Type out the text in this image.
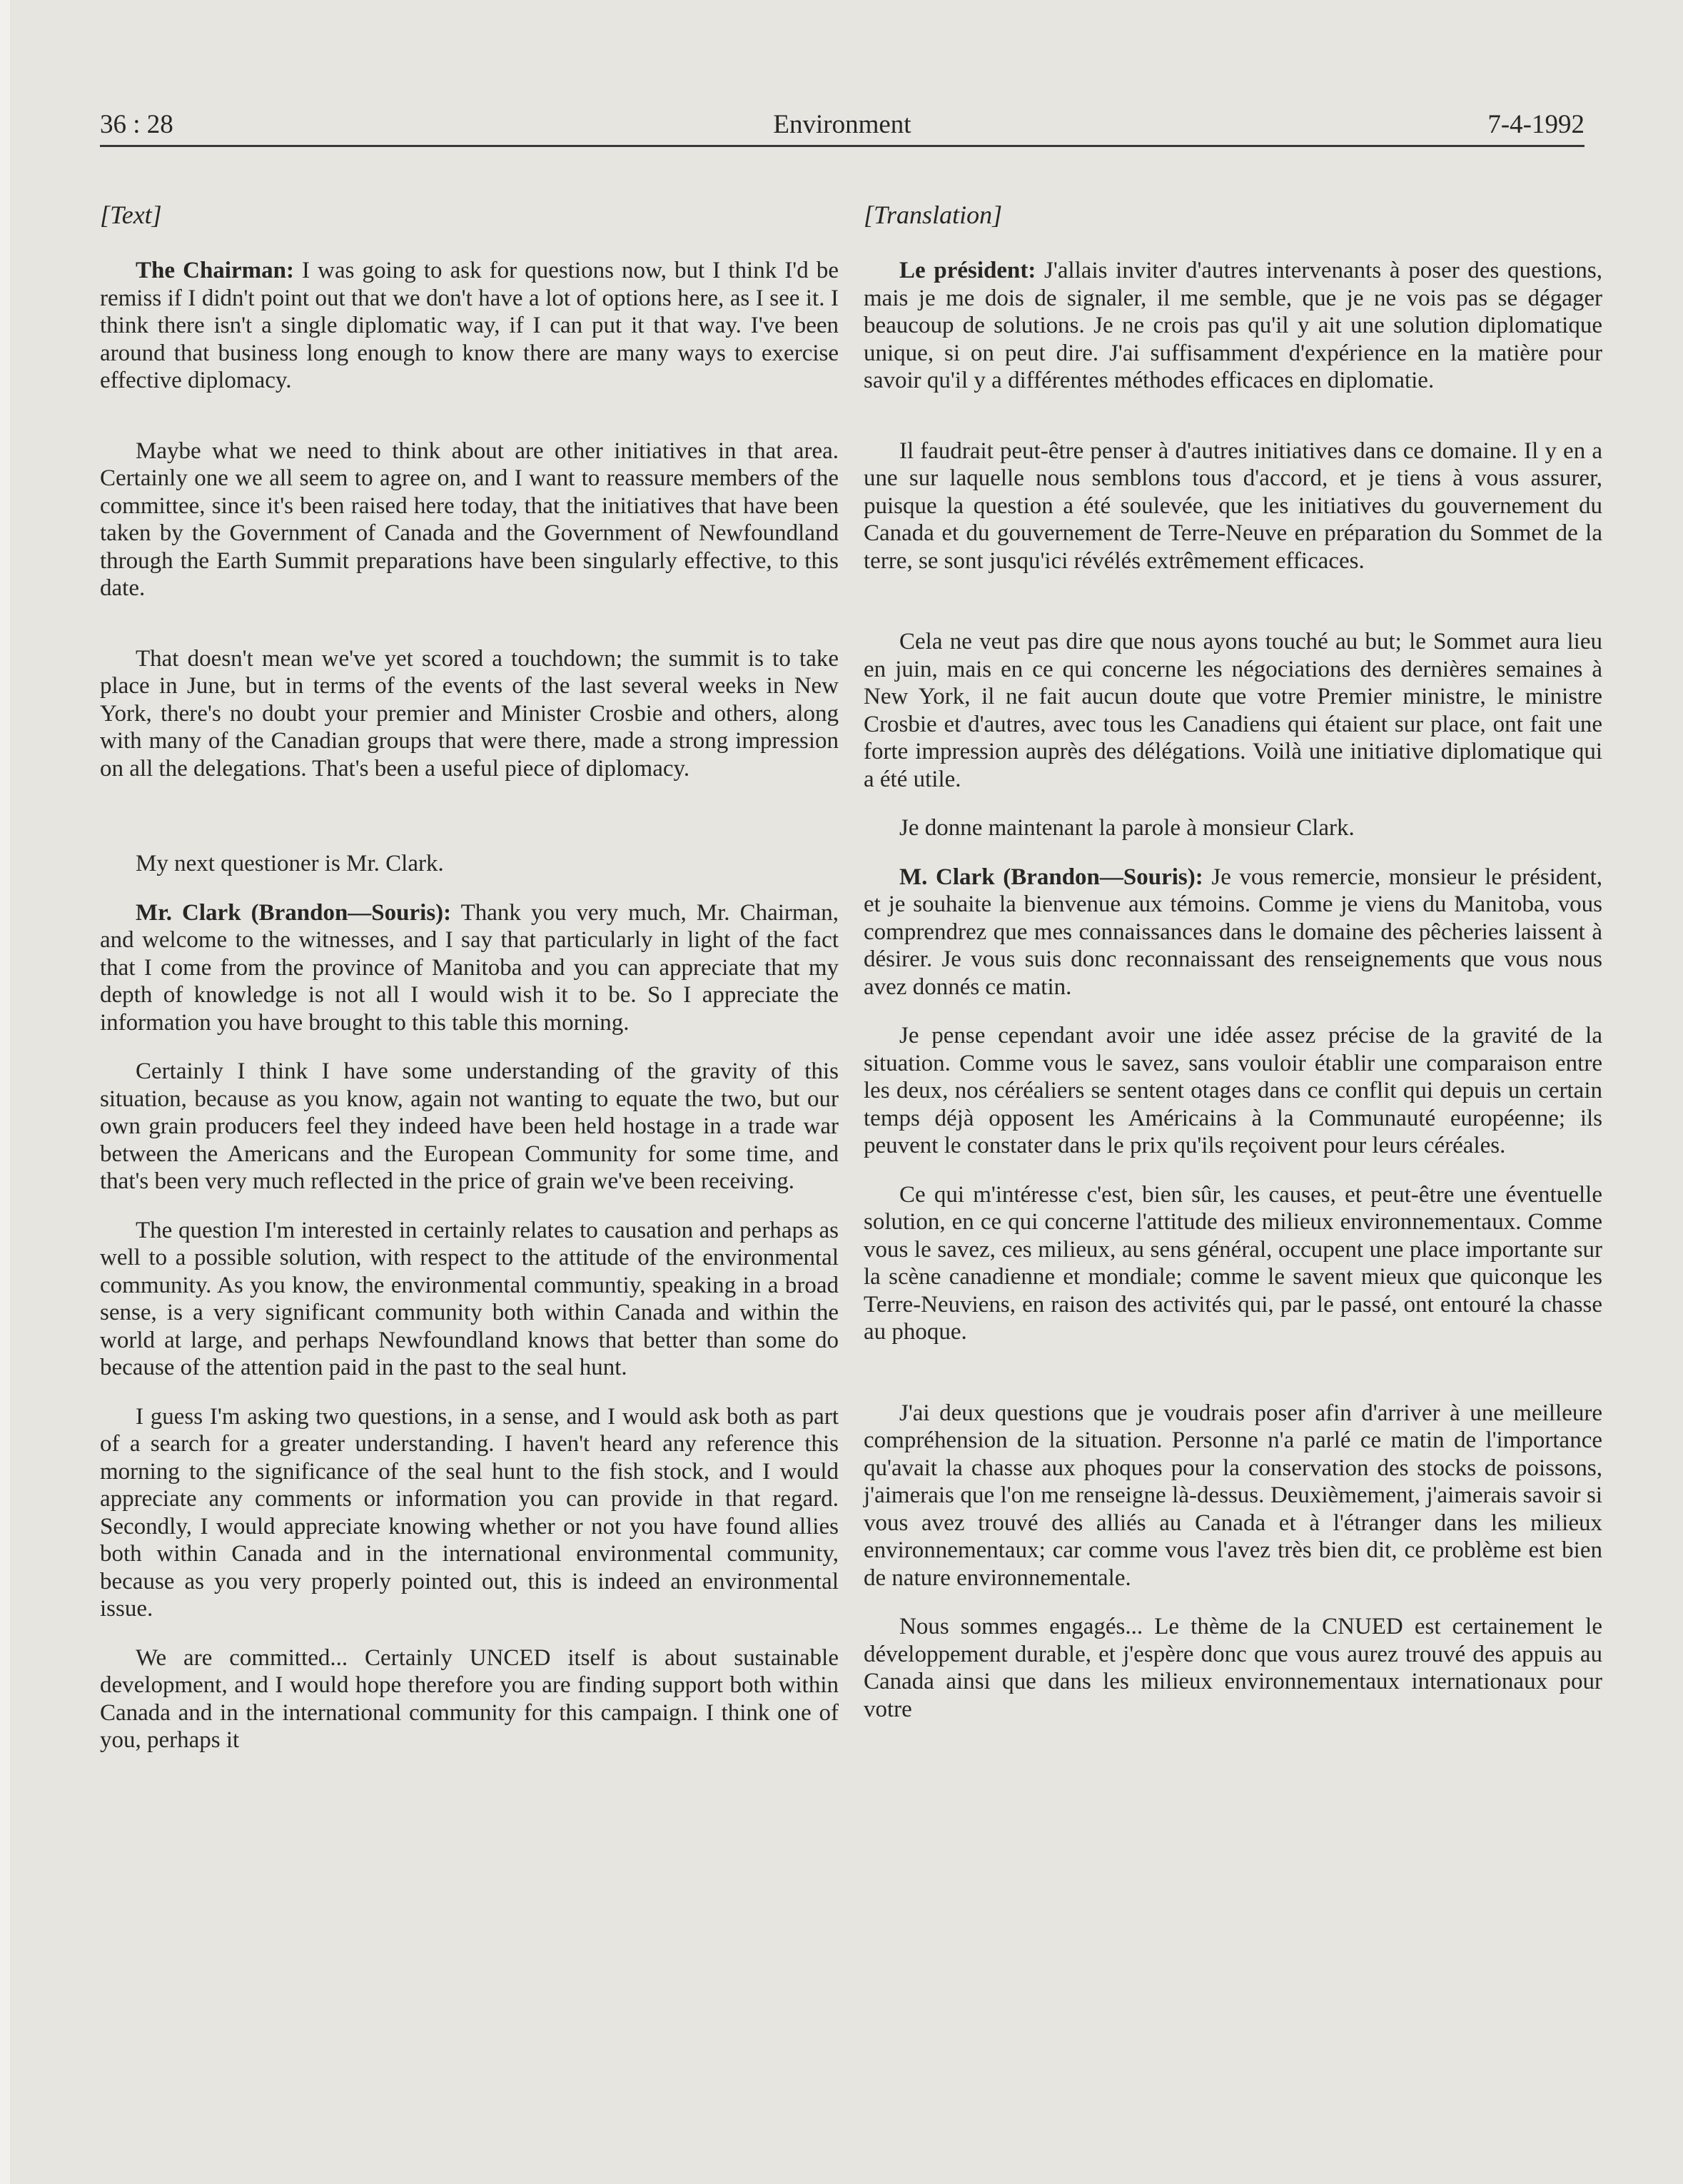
Environment
36 : 28	7-4-1992
[Text]

The Chairman: I was going to ask for questions now, but I think I'd be remiss if I didn't point out that we don't have a lot of options here, as I see it. I think there isn't a single diplomatic way, if I can put it that way. I've been around that business long enough to know there are many ways to exercise effective diplomacy.

Maybe what we need to think about are other initiatives in that area. Certainly one we all seem to agree on, and I want to reassure members of the committee, since it's been raised here today, that the initiatives that have been taken by the Government of Canada and the Government of Newfoundland through the Earth Summit preparations have been singularly effective, to this date.

That doesn't mean we've yet scored a touchdown; the summit is to take place in June, but in terms of the events of the last several weeks in New York, there's no doubt your premier and Minister Crosbie and others, along with many of the Canadian groups that were there, made a strong impression on all the delegations. That's been a useful piece of diplomacy.

My next questioner is Mr. Clark.

Mr. Clark (Brandon—Souris): Thank you very much, Mr. Chairman, and welcome to the witnesses, and I say that particularly in light of the fact that I come from the province of Manitoba and you can appreciate that my depth of knowledge is not all I would wish it to be. So I appreciate the information you have brought to this table this morning.

Certainly I think I have some understanding of the gravity of this situation, because as you know, again not wanting to equate the two, but our own grain producers feel they indeed have been held hostage in a trade war between the Americans and the European Community for some time, and that's been very much reflected in the price of grain we've been receiving.

The question I'm interested in certainly relates to causation and perhaps as well to a possible solution, with respect to the attitude of the environmental community. As you know, the environmental communtiy, speaking in a broad sense, is a very significant community both within Canada and within the world at large, and perhaps Newfoundland knows that better than some do because of the attention paid in the past to the seal hunt.

I guess I'm asking two questions, in a sense, and I would ask both as part of a search for a greater understanding. I haven't heard any reference this morning to the significance of the seal hunt to the fish stock, and I would appreciate any comments or information you can provide in that regard. Secondly, I would appreciate knowing whether or not you have found allies both within Canada and in the international environmental community, because as you very properly pointed out, this is indeed an environmental issue.

We are committed... Certainly UNCED itself is about sustainable development, and I would hope therefore you are finding support both within Canada and in the international community for this campaign. I think one of you, perhaps it

[Translation]

Le président: J'allais inviter d'autres intervenants à poser des questions, mais je me dois de signaler, il me semble, que je ne vois pas se dégager beaucoup de solutions. Je ne crois pas qu'il y ait une solution diplomatique unique, si on peut dire. J'ai suffisamment d'expérience en la matière pour savoir qu'il y a différentes méthodes efficaces en diplomatie.

Il faudrait peut-être penser à d'autres initiatives dans ce domaine. Il y en a une sur laquelle nous semblons tous d'accord, et je tiens à vous assurer, puisque la question a été soulevée, que les initiatives du gouvernement du Canada et du gouvernement de Terre-Neuve en préparation du Sommet de la terre, se sont jusqu'ici révélés extrêmement efficaces.

Cela ne veut pas dire que nous ayons touché au but; le Sommet aura lieu en juin, mais en ce qui concerne les négociations des dernières semaines à New York, il ne fait aucun doute que votre Premier ministre, le ministre Crosbie et d'autres, avec tous les Canadiens qui étaient sur place, ont fait une forte impression auprès des délégations. Voilà une initiative diplomatique qui a été utile.

Je donne maintenant la parole à monsieur Clark.

M. Clark (Brandon—Souris): Je vous remercie, monsieur le président, et je souhaite la bienvenue aux témoins. Comme je viens du Manitoba, vous comprendrez que mes connaissances dans le domaine des pêcheries laissent à désirer. Je vous suis donc reconnaissant des renseignements que vous nous avez donnés ce matin.

Je pense cependant avoir une idée assez précise de la gravité de la situation. Comme vous le savez, sans vouloir établir une comparaison entre les deux, nos céréaliers se sentent otages dans ce conflit qui depuis un certain temps déjà opposent les Américains à la Communauté européenne; ils peuvent le constater dans le prix qu'ils reçoivent pour leurs céréales.

Ce qui m'intéresse c'est, bien sûr, les causes, et peut-être une éventuelle solution, en ce qui concerne l'attitude des milieux environnementaux. Comme vous le savez, ces milieux, au sens général, occupent une place importante sur la scène canadienne et mondiale; comme le savent mieux que quiconque les Terre-Neuviens, en raison des activités qui, par le passé, ont entouré la chasse au phoque.

J'ai deux questions que je voudrais poser afin d'arriver à une meilleure compréhension de la situation. Personne n'a parlé ce matin de l'importance qu'avait la chasse aux phoques pour la conservation des stocks de poissons, j'aimerais que l'on me renseigne là-dessus. Deuxièmement, j'aimerais savoir si vous avez trouvé des alliés au Canada et à l'étranger dans les milieux environnementaux; car comme vous l'avez très bien dit, ce problème est bien de nature environnementale.

Nous sommes engagés... Le thème de la CNUED est certainement le développement durable, et j'espère donc que vous aurez trouvé des appuis au Canada ainsi que dans les milieux environnementaux internationaux pour votre
